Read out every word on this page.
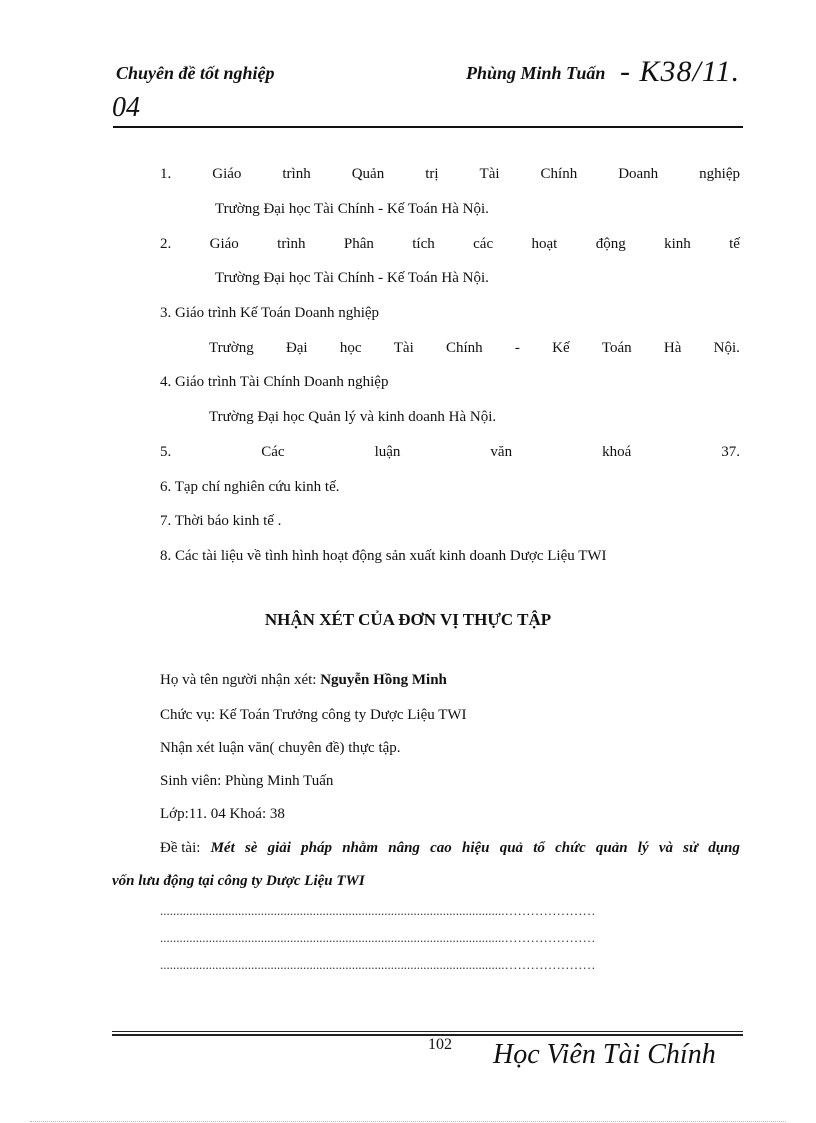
Chuyên đề tốt nghiệp	Phùng Minh Tuấn - K38/11.
04
1.	Giáo	trình	Quản	trị	Tài	Chính	Doanh	nghiệp
Trường Đại học Tài Chính - Kế Toán Hà Nội.
2.	Giáo	trình	Phân	tích	các	hoạt	động	kinh	tế
Trường Đại học Tài Chính - Kế Toán Hà Nội.
3. Giáo trình Kế Toán Doanh nghiệp
Trường Đại học Tài Chính - Kế Toán Hà Nội.
4. Giáo trình Tài Chính Doanh nghiệp
Trường Đại học Quản lý và kinh doanh Hà Nội.
5.	Các	luận	văn	khoá	37.
6. Tạp chí nghiên cứu kinh tế.
7. Thời báo kinh tế .
8. Các tài liệu về tình hình hoạt động sản xuất kinh doanh Dược Liệu TWI
NHẬN XÉT CỦA ĐƠN VỊ THỰC TẬP
Họ và tên người nhận xét: Nguyễn Hồng Minh
Chức vụ: Kế Toán Trưởng công ty Dược Liệu TWI
Nhận xét luận văn( chuyên đề) thực tập.
Sinh viên: Phùng Minh Tuấn
Lớp:11. 04 Khoá: 38
Đề tài: Mét sè giải pháp nhằm nâng cao hiệu quả tổ chức quản lý và sử dụng
vốn lưu động tại công ty Dược Liệu TWI
..........................................................................................................…………………
..........................................................................................................…………………
..........................................................................................................…………………
102 Học Viên Tài Chính
